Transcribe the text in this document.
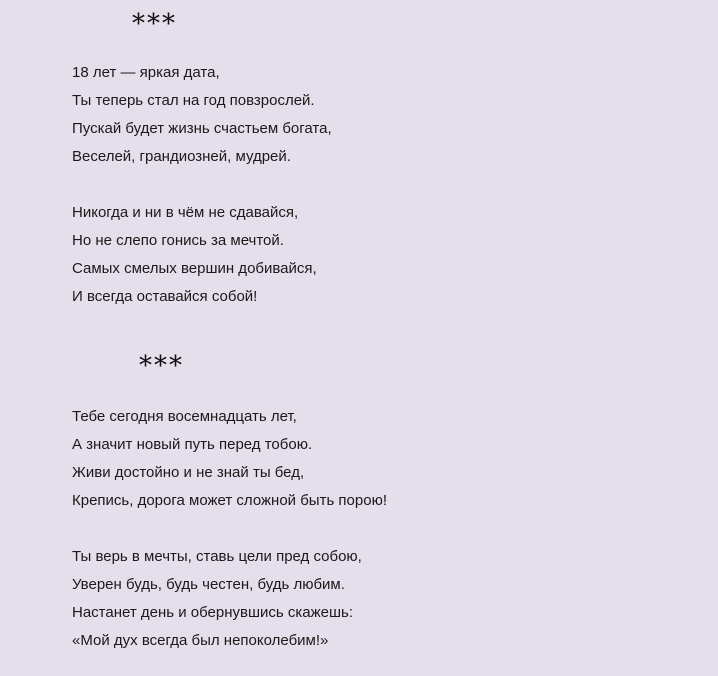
***
18 лет — яркая дата,
Ты теперь стал на год повзрослей.
Пускай будет жизнь счастьем богата,
Веселей, грандиозней, мудрей.
Никогда и ни в чём не сдавайся,
Но не слепо гонись за мечтой.
Самых смелых вершин добивайся,
И всегда оставайся собой!
***
Тебе сегодня восемнадцать лет,
А значит новый путь перед тобою.
Живи достойно и не знай ты бед,
Крепись, дорога может сложной быть порою!
Ты верь в мечты, ставь цели пред собою,
Уверен будь, будь честен, будь любим.
Настанет день и обернувшись скажешь:
«Мой дух всегда был непоколебим!»
